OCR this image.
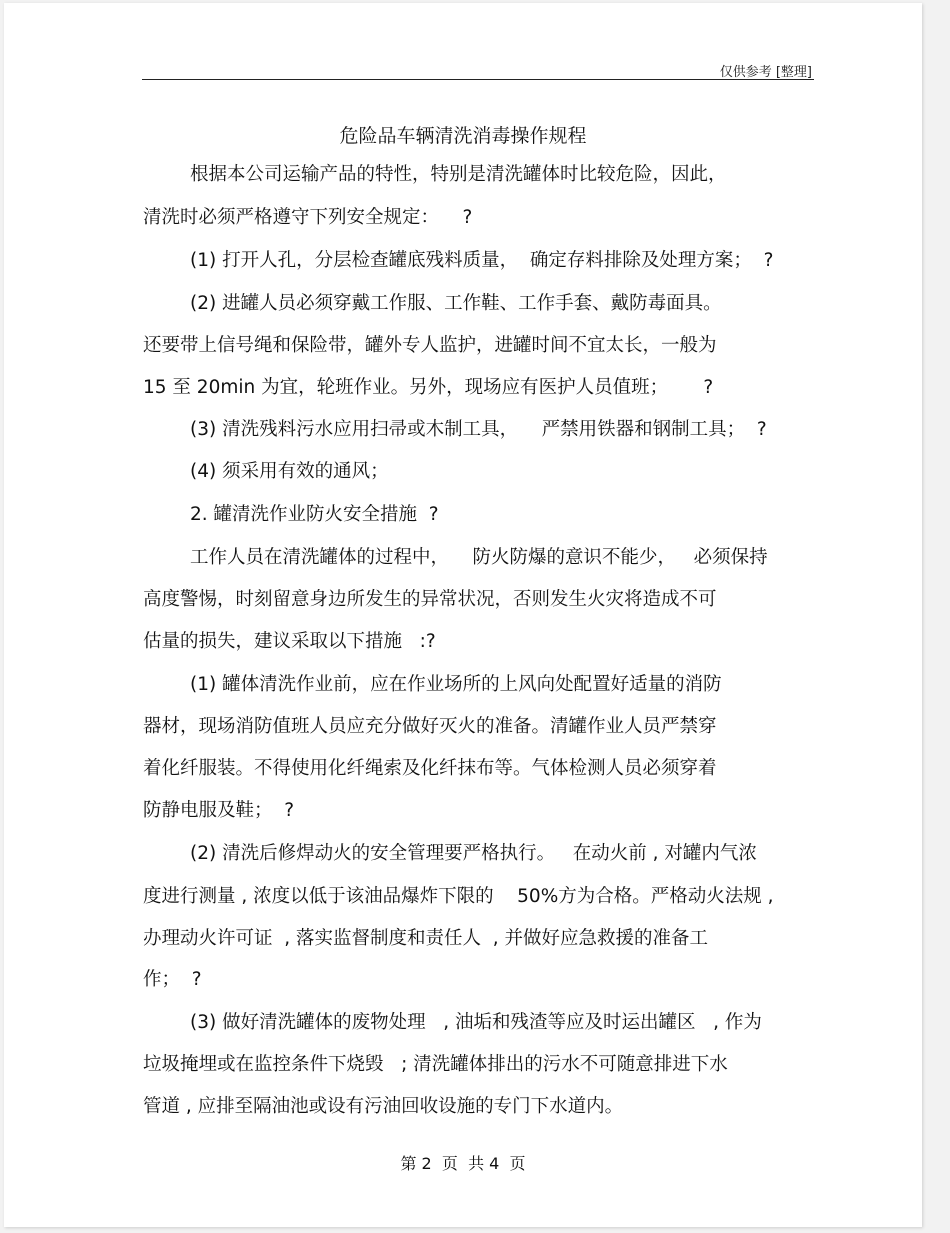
仅供参考 [整理]
危险品车辆清洗消毒操作规程
根据本公司运输产品的特性，特别是清洗罐体时比较危险，因此，
清洗时必须严格遵守下列安全规定：    ?
(1) 打开人孔，分层检查罐底残料质量，  确定存料排除及处理方案；  ?
(2) 进罐人员必须穿戴工作服、工作鞋、工作手套、戴防毒面具。
还要带上信号绳和保险带，罐外专人监护，进罐时间不宜太长，一般为
15 至 20min 为宜，轮班作业。另外，现场应有医护人员值班；      ?
(3) 清洗残料污水应用扫帚或木制工具，    严禁用铁器和钢制工具；  ?
(4) 须采用有效的通风；
2. 罐清洗作业防火安全措施  ?
工作人员在清洗罐体的过程中，    防火防爆的意识不能少，   必须保持
高度警惕，时刻留意身边所发生的异常状况，否则发生火灾将造成不可
估量的损失，建议采取以下措施   :?
(1) 罐体清洗作业前，应在作业场所的上风向处配置好适量的消防
器材，现场消防值班人员应充分做好灭火的准备。清罐作业人员严禁穿
着化纤服装。不得使用化纤绳索及化纤抹布等。气体检测人员必须穿着
防静电服及鞋；  ?
(2) 清洗后修焊动火的安全管理要严格执行。   在动火前 , 对罐内气浓
度进行测量 , 浓度以低于该油品爆炸下限的    50%方为合格。严格动火法规 ,
办理动火许可证  , 落实监督制度和责任人  , 并做好应急救援的准备工
作；  ?
(3) 做好清洗罐体的废物处理   , 油垢和残渣等应及时运出罐区   , 作为
垃圾掩埋或在监控条件下烧毁   ; 清洗罐体排出的污水不可随意排进下水
管道 , 应排至隔油池或设有污油回收设施的专门下水道内。
第 2  页  共 4  页
